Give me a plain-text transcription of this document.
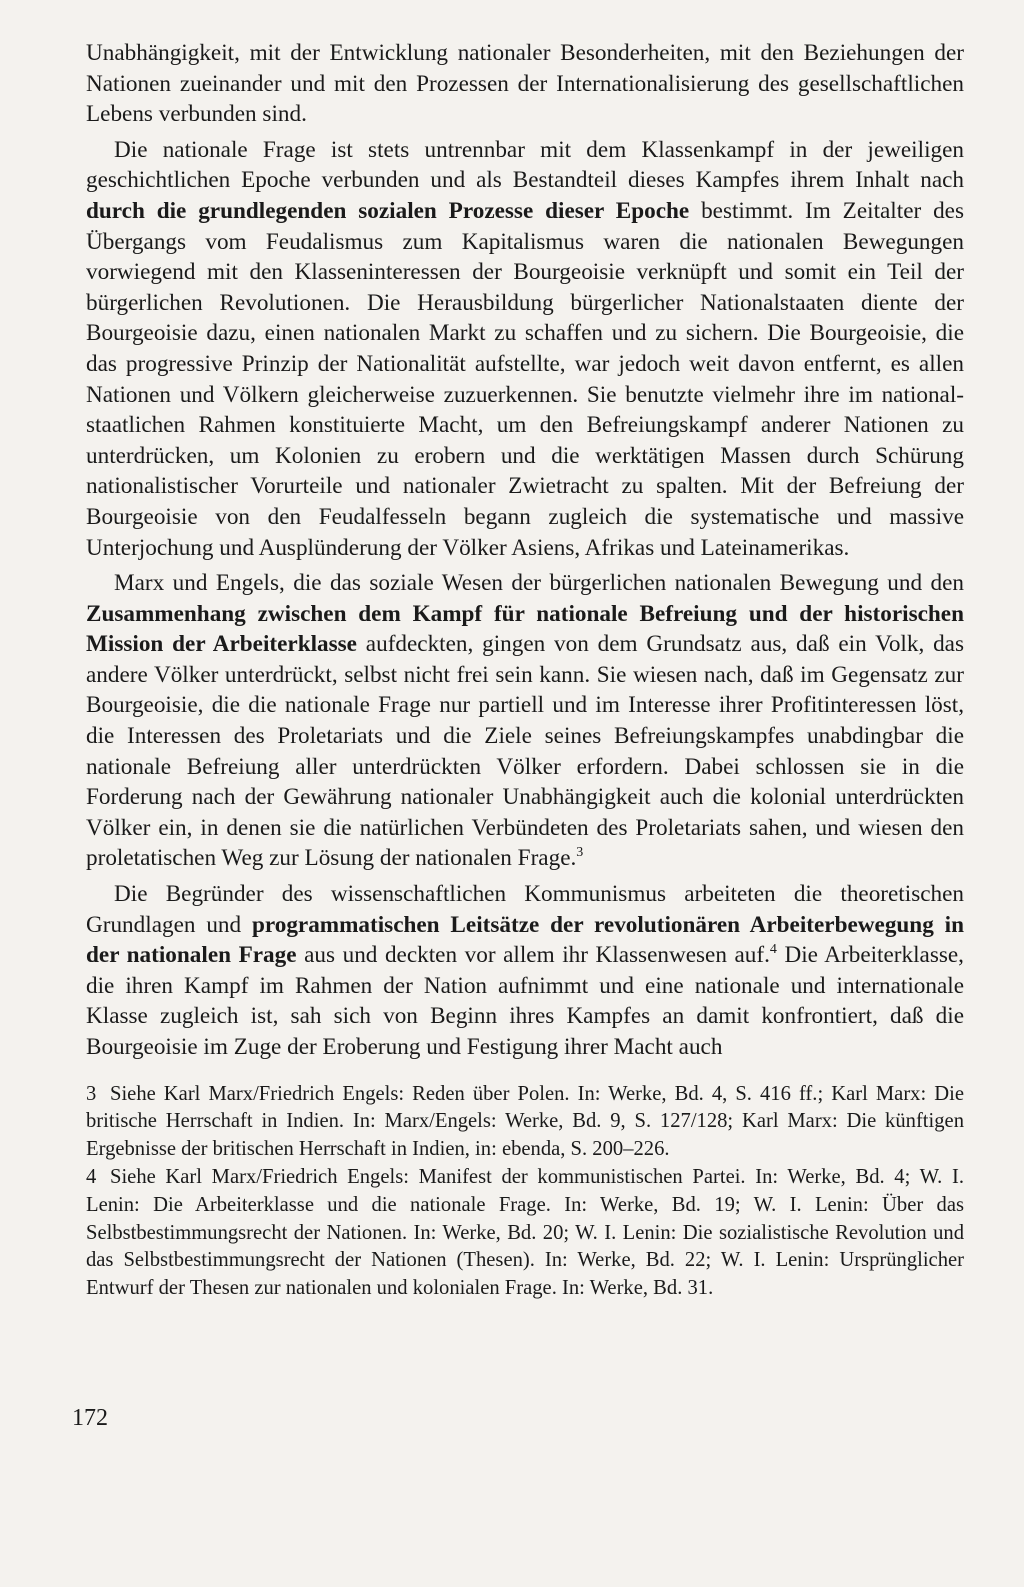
Unabhängigkeit, mit der Entwicklung nationaler Besonderheiten, mit den Beziehungen der Nationen zueinander und mit den Prozessen der Internationalisierung des gesellschaftlichen Lebens verbunden sind.

Die nationale Frage ist stets untrennbar mit dem Klassenkampf in der jeweiligen geschichtlichen Epoche verbunden und als Bestandteil dieses Kampfes ihrem Inhalt nach durch die grundlegenden sozialen Prozesse dieser Epoche bestimmt. Im Zeitalter des Übergangs vom Feudalismus zum Kapitalismus waren die nationalen Bewegungen vorwiegend mit den Klasseninteressen der Bourgeoisie verknüpft und somit ein Teil der bürgerlichen Revolutionen. Die Herausbildung bürgerlicher Nationalstaaten diente der Bourgeoisie dazu, einen nationalen Markt zu schaffen und zu sichern. Die Bourgeoisie, die das progressive Prinzip der Nationalität aufstellte, war jedoch weit davon entfernt, es allen Nationen und Völkern gleicherweise zuzuerkennen. Sie benutzte vielmehr ihre im national-staatlichen Rahmen konstituierte Macht, um den Befreiungskampf anderer Nationen zu unterdrücken, um Kolonien zu erobern und die werktätigen Massen durch Schürung nationalistischer Vorurteile und nationaler Zwietracht zu spalten. Mit der Befreiung der Bourgeoisie von den Feudalfesseln begann zugleich die systematische und massive Unterjochung und Ausplünderung der Völker Asiens, Afrikas und Lateinamerikas.

Marx und Engels, die das soziale Wesen der bürgerlichen nationalen Bewegung und den Zusammenhang zwischen dem Kampf für nationale Befreiung und der historischen Mission der Arbeiterklasse aufdeckten, gingen von dem Grundsatz aus, daß ein Volk, das andere Völker unterdrückt, selbst nicht frei sein kann. Sie wiesen nach, daß im Gegensatz zur Bourgeoisie, die die nationale Frage nur partiell und im Interesse ihrer Profitinteressen löst, die Interessen des Proletariats und die Ziele seines Befreiungskampfes unabdingbar die nationale Befreiung aller unterdrückten Völker erfordern. Dabei schlossen sie in die Forderung nach der Gewährung nationaler Unabhängigkeit auch die kolonial unterdrückten Völker ein, in denen sie die natürlichen Verbündeten des Proletariats sahen, und wiesen den proletatischen Weg zur Lösung der nationalen Frage.$^3$

Die Begründer des wissenschaftlichen Kommunismus arbeiteten die theoretischen Grundlagen und programmatischen Leitsätze der revolutionären Arbeiterbewegung in der nationalen Frage aus und deckten vor allem ihr Klassenwesen auf.$^4$ Die Arbeiterklasse, die ihren Kampf im Rahmen der Nation aufnimmt und eine nationale und internationale Klasse zugleich ist, sah sich von Beginn ihres Kampfes an damit konfrontiert, daß die Bourgeoisie im Zuge der Eroberung und Festigung ihrer Macht auch

3 Siehe Karl Marx/Friedrich Engels: Reden über Polen. In: Werke, Bd. 4, S. 416 ff.; Karl Marx: Die britische Herrschaft in Indien. In: Marx/Engels: Werke, Bd. 9, S. 127/128; Karl Marx: Die künftigen Ergebnisse der britischen Herrschaft in Indien, in: ebenda, S. 200–226.

4 Siehe Karl Marx/Friedrich Engels: Manifest der kommunistischen Partei. In: Werke, Bd. 4; W. I. Lenin: Die Arbeiterklasse und die nationale Frage. In: Werke, Bd. 19; W. I. Lenin: Über das Selbstbestimmungsrecht der Nationen. In: Werke, Bd. 20; W. I. Lenin: Die sozialistische Revolution und das Selbstbestimmungsrecht der Nationen (Thesen). In: Werke, Bd. 22; W. I. Lenin: Ursprünglicher Entwurf der Thesen zur nationalen und kolonialen Frage. In: Werke, Bd. 31.

172
